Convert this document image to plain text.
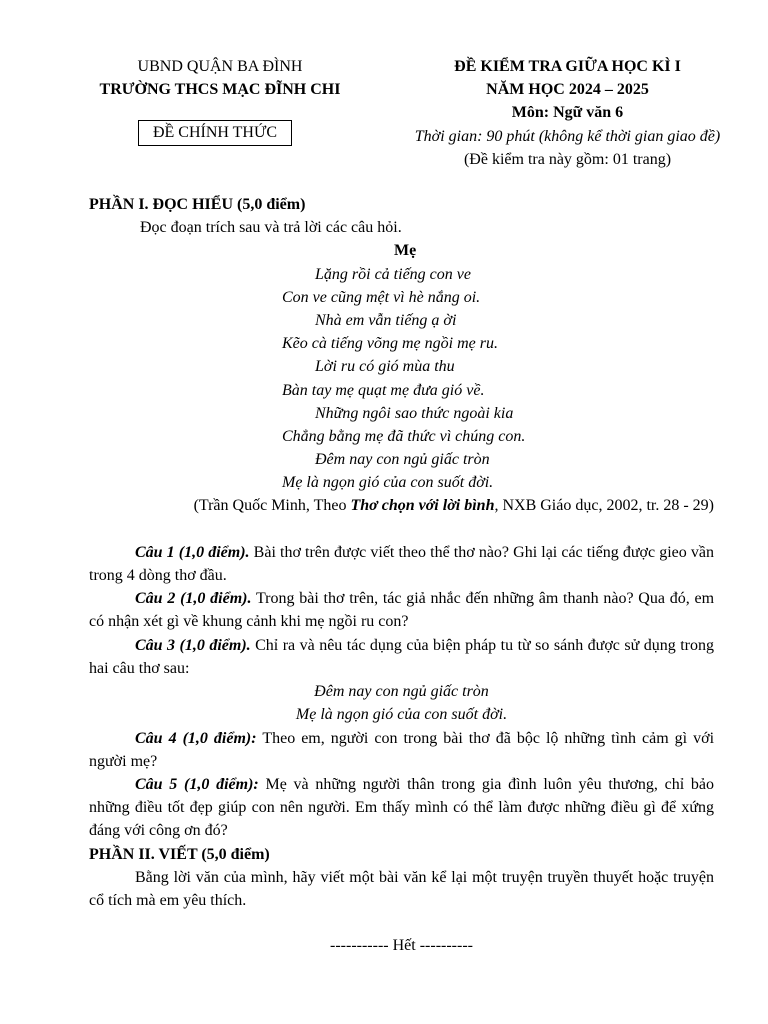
UBND QUẬN BA ĐÌNH
TRƯỜNG THCS MẠC ĐĨNH CHI
ĐỀ CHÍNH THỨC
ĐỀ KIỂM TRA GIỮA HỌC KÌ I
NĂM HỌC 2024 – 2025
Môn: Ngữ văn 6
Thời gian: 90 phút (không kể thời gian giao đề)
(Đề kiểm tra này gồm: 01 trang)
PHẦN I. ĐỌC HIỂU (5,0 điểm)
Đọc đoạn trích sau và trả lời các câu hỏi.
Mẹ
Lặng rồi cả tiếng con ve
Con ve cũng mệt vì hè nắng oi.
Nhà em vẫn tiếng ạ ời
Kẽo cà tiếng võng mẹ ngồi mẹ ru.
Lời ru có gió mùa thu
Bàn tay mẹ quạt mẹ đưa gió về.
Những ngôi sao thức ngoài kia
Chẳng bằng mẹ đã thức vì chúng con.
Đêm nay con ngủ giấc tròn
Mẹ là ngọn gió của con suốt đời.
(Trần Quốc Minh, Theo Thơ chọn với lời bình, NXB Giáo dục, 2002, tr. 28 - 29)

Câu 1 (1,0 điểm). Bài thơ trên được viết theo thể thơ nào? Ghi lại các tiếng được gieo vần trong 4 dòng thơ đầu.

Câu 2 (1,0 điểm). Trong bài thơ trên, tác giả nhắc đến những âm thanh nào? Qua đó, em có nhận xét gì về khung cảnh khi mẹ ngồi ru con?

Câu 3 (1,0 điểm). Chỉ ra và nêu tác dụng của biện pháp tu từ so sánh được sử dụng trong hai câu thơ sau:

Đêm nay con ngủ giấc tròn
Mẹ là ngọn gió của con suốt đời.

Câu 4 (1,0 điểm): Theo em, người con trong bài thơ đã bộc lộ những tình cảm gì với người mẹ?

Câu 5 (1,0 điểm): Mẹ và những người thân trong gia đình luôn yêu thương, chỉ bảo những điều tốt đẹp giúp con nên người. Em thấy mình có thể làm được những điều gì để xứng đáng với công ơn đó?

PHẦN II. VIẾT (5,0 điểm)

Bằng lời văn của mình, hãy viết một bài văn kể lại một truyện truyền thuyết hoặc truyện cổ tích mà em yêu thích.

----------- Hết ----------
